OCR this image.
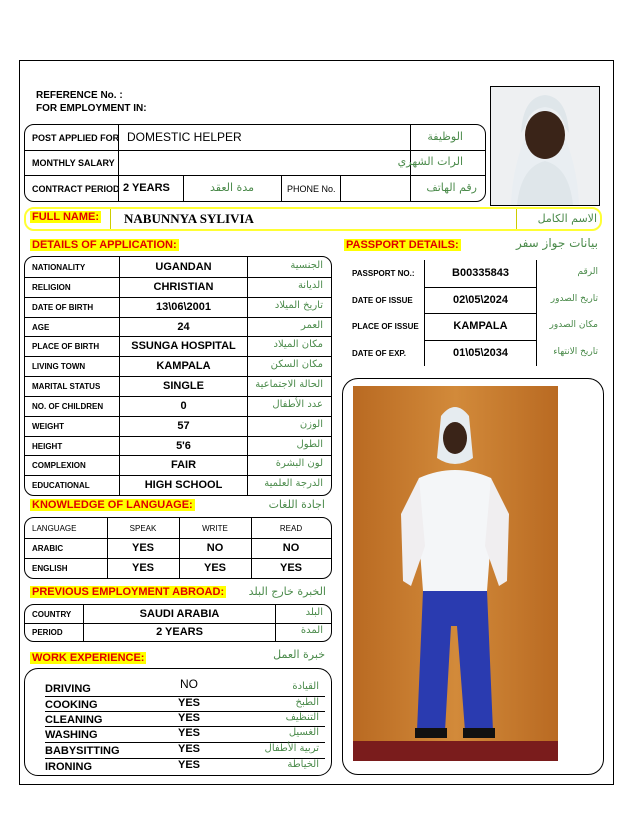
REFERENCE No. :
FOR EMPLOYMENT IN:
POST APPLIED FOR DOMESTIC HELPER	الوظيفة
MONTHLY SALARY	الرات الشهري
CONTRACT PERIOD 2 YEARS	مدة العقد	PHONE No.	رقم الهاتف
FULL NAME: NABUNNYA SYLIVIA	الاسم الكامل
DETAILS OF APPLICATION:
NATIONALITY	UGANDAN	الجنسية
RELIGION	CHRISTIAN	الديانة
DATE OF BIRTH	13\06\2001	تاريخ الميلاد
AGE	24	العمر
PLACE OF BIRTH	SSUNGA HOSPITAL	مكان الميلاد
LIVING TOWN	KAMPALA	مكان السكن
MARITAL STATUS	SINGLE	الحالة الاجتماعية
NO. OF CHILDREN	0	عدد الأطفال
WEIGHT	57	الوزن
HEIGHT	5'6	الطول
COMPLEXION	FAIR	لون البشرة
EDUCATIONAL	HIGH SCHOOL	الدرجة العلمية
PASSPORT DETAILS:	بيانات جواز سفر
PASSPORT NO.:	B00335843	الرقم
DATE OF ISSUE	02\05\2024	تاريخ الصدور
PLACE OF ISSUE	KAMPALA	مكان الصدور
DATE OF EXP.	01\05\2034	تاريخ الانتهاء
KNOWLEDGE OF LANGUAGE:	اجادة اللغات
LANGUAGE	SPEAK	WRITE	READ
ARABIC	YES	NO	NO
ENGLISH	YES	YES	YES
PREVIOUS EMPLOYMENT ABROAD:	الخبرة خارج البلد
COUNTRY	SAUDI ARABIA	البلد
PERIOD	2 YEARS	المدة
WORK EXPERIENCE:	خبرة العمل
DRIVING	NO	القيادة
COOKING	YES	الطبخ
CLEANING	YES	التنظيف
WASHING	YES	الغسيل
BABYSITTING	YES	تربية الأطفال
IRONING	YES	الخياطة
